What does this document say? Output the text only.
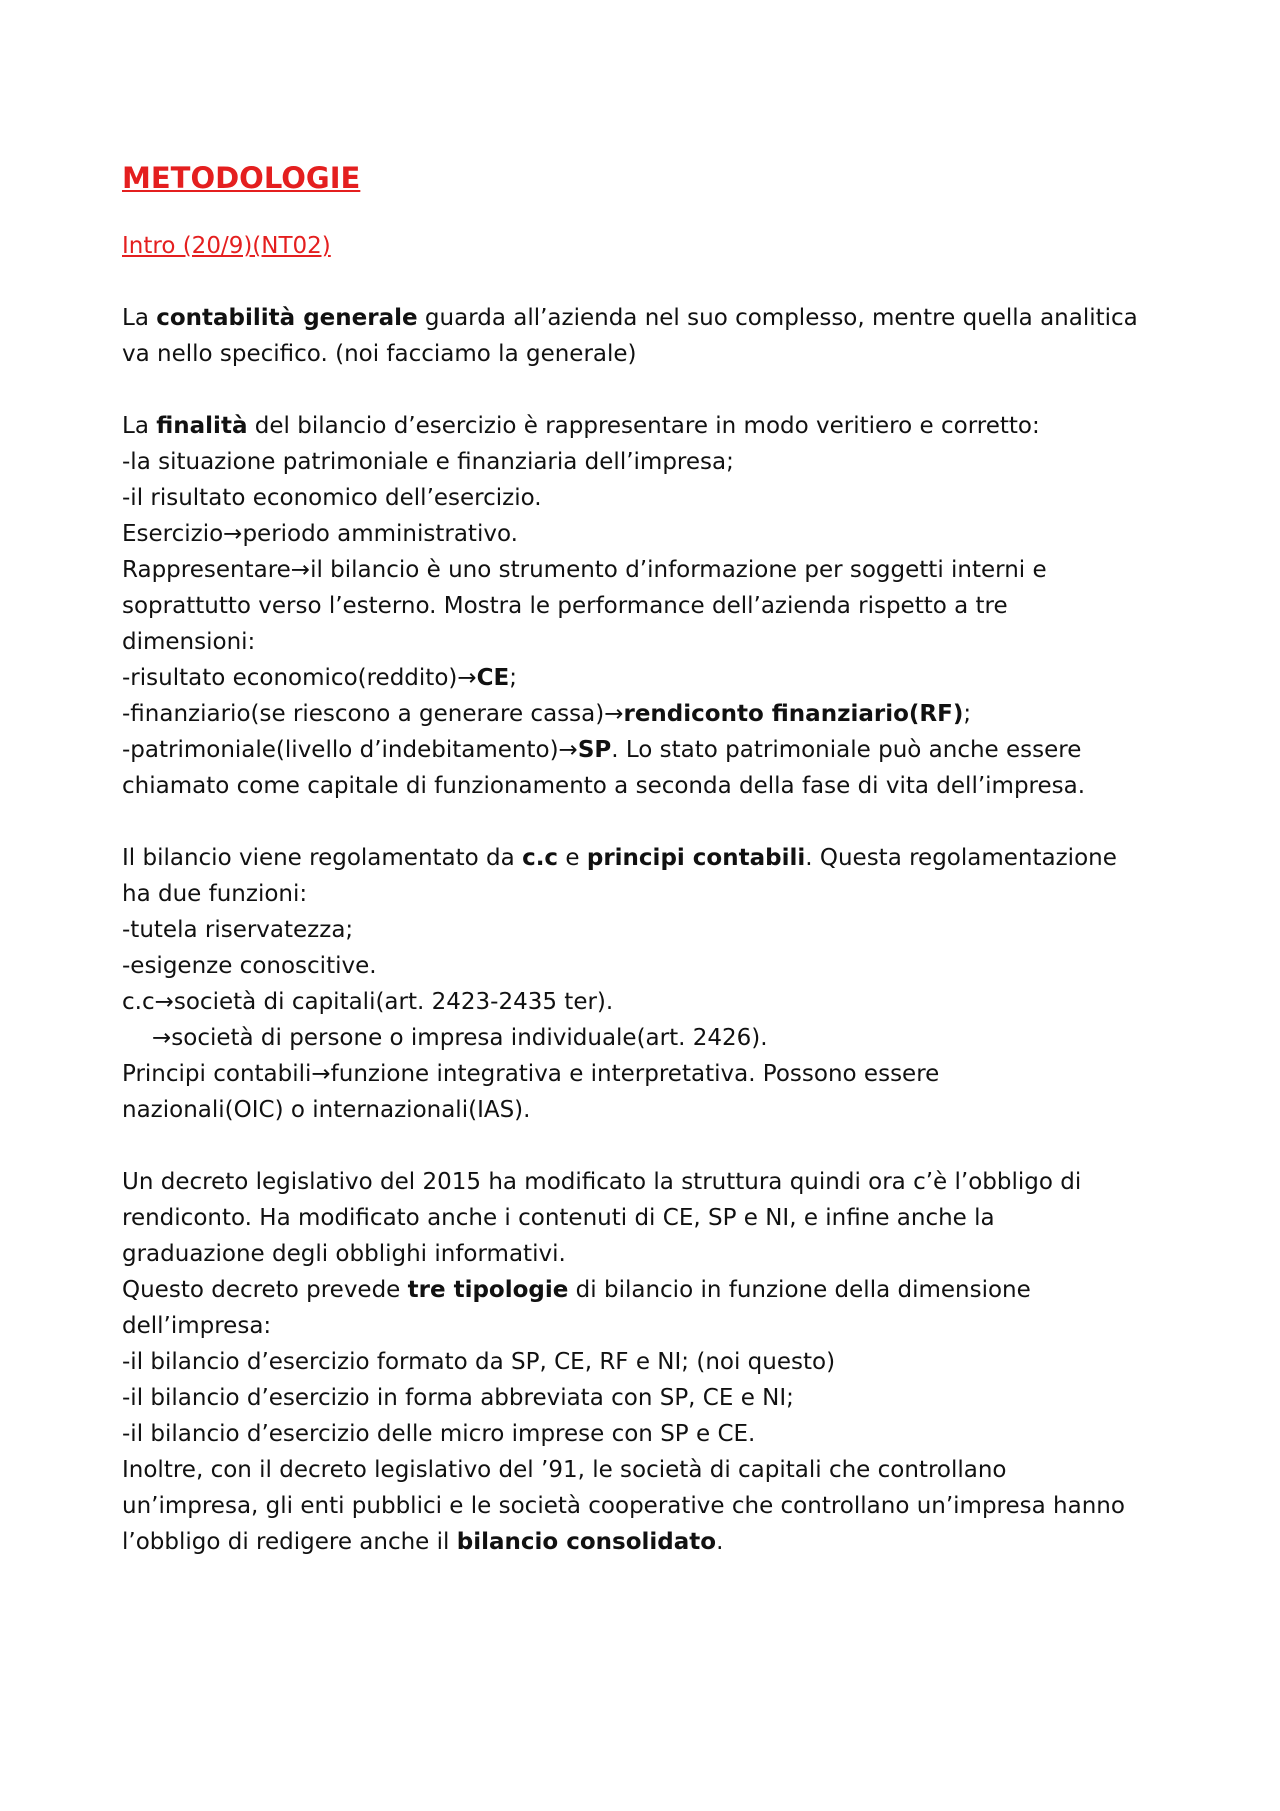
METODOLOGIE
Intro (20/9)(NT02)
La contabilità generale guarda all’azienda nel suo complesso, mentre quella analitica
va nello specifico. (noi facciamo la generale)
La finalità del bilancio d’esercizio è rappresentare in modo veritiero e corretto:
-la situazione patrimoniale e finanziaria dell’impresa;
-il risultato economico dell’esercizio.
Esercizio→periodo amministrativo.
Rappresentare→il bilancio è uno strumento d’informazione per soggetti interni e
soprattutto verso l’esterno. Mostra le performance dell’azienda rispetto a tre
dimensioni:
-risultato economico(reddito)→CE;
-finanziario(se riescono a generare cassa)→rendiconto finanziario(RF);
-patrimoniale(livello d’indebitamento)→SP. Lo stato patrimoniale può anche essere
chiamato come capitale di funzionamento a seconda della fase di vita dell’impresa.
Il bilancio viene regolamentato da c.c e principi contabili. Questa regolamentazione
ha due funzioni:
-tutela riservatezza;
-esigenze conoscitive.
c.c→società di capitali(art. 2423-2435 ter).
→società di persone o impresa individuale(art. 2426).
Principi contabili→funzione integrativa e interpretativa. Possono essere
nazionali(OIC) o internazionali(IAS).
Un decreto legislativo del 2015 ha modificato la struttura quindi ora c’è l’obbligo di
rendiconto. Ha modificato anche i contenuti di CE, SP e NI, e infine anche la
graduazione degli obblighi informativi.
Questo decreto prevede tre tipologie di bilancio in funzione della dimensione
dell’impresa:
-il bilancio d’esercizio formato da SP, CE, RF e NI; (noi questo)
-il bilancio d’esercizio in forma abbreviata con SP, CE e NI;
-il bilancio d’esercizio delle micro imprese con SP e CE.
Inoltre, con il decreto legislativo del ’91, le società di capitali che controllano
un’impresa, gli enti pubblici e le società cooperative che controllano un’impresa hanno
l’obbligo di redigere anche il bilancio consolidato.
